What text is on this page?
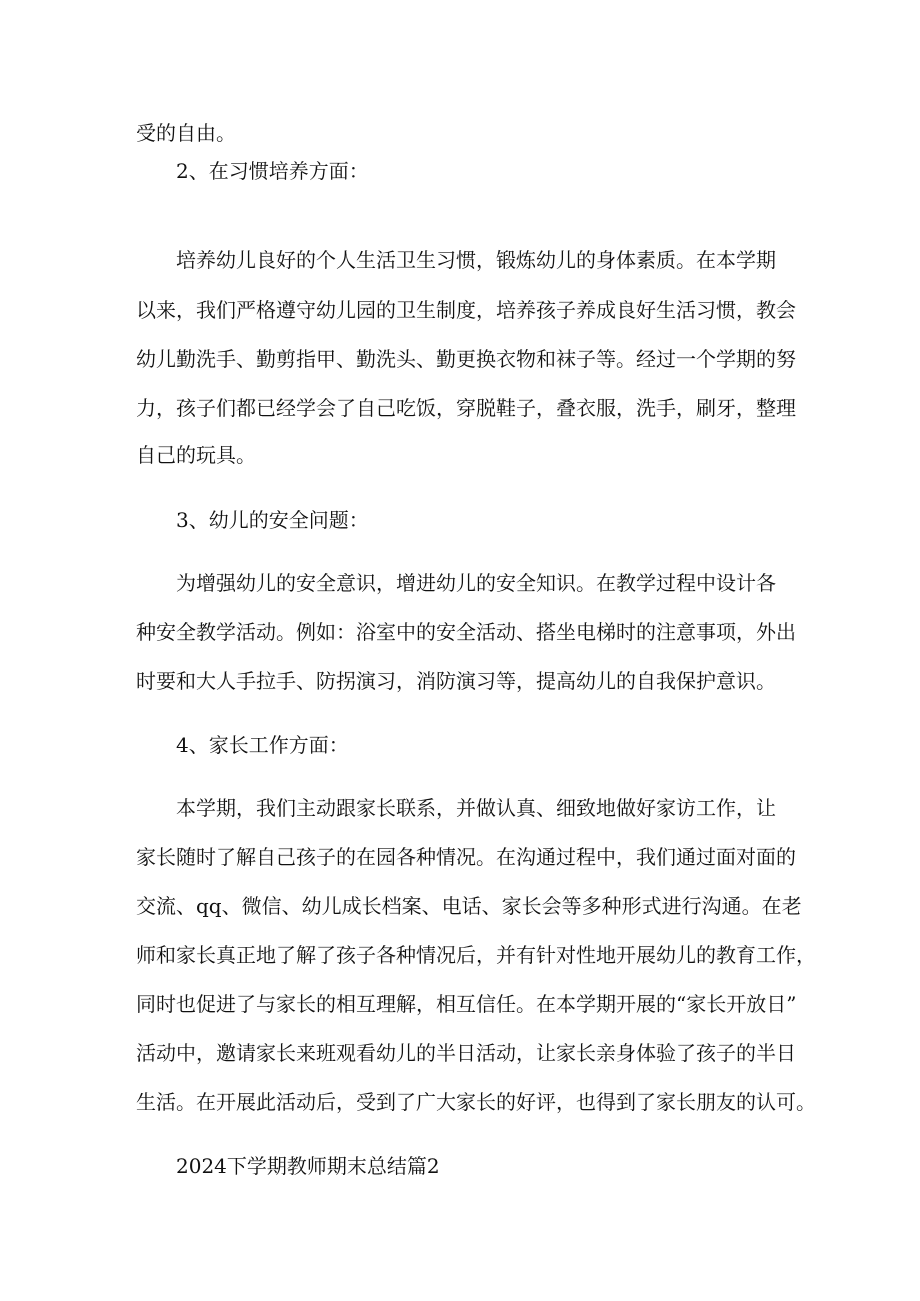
受的自由。

2、在习惯培养方面：

培养幼儿良好的个人生活卫生习惯，锻炼幼儿的身体素质。在本学期

以来，我们严格遵守幼儿园的卫生制度，培养孩子养成良好生活习惯，教会

幼儿勤洗手、勤剪指甲、勤洗头、勤更换衣物和袜子等。经过一个学期的努

力，孩子们都已经学会了自己吃饭，穿脱鞋子，叠衣服，洗手，刷牙，整理

自己的玩具。

3、幼儿的安全问题：

为增强幼儿的安全意识，增进幼儿的安全知识。在教学过程中设计各

种安全教学活动。例如：浴室中的安全活动、搭坐电梯时的注意事项，外出

时要和大人手拉手、防拐演习，消防演习等，提高幼儿的自我保护意识。

4、家长工作方面：

本学期，我们主动跟家长联系，并做认真、细致地做好家访工作，让

家长随时了解自己孩子的在园各种情况。在沟通过程中，我们通过面对面的

交流、qq、微信、幼儿成长档案、电话、家长会等多种形式进行沟通。在老

师和家长真正地了解了孩子各种情况后，并有针对性地开展幼儿的教育工作，

同时也促进了与家长的相互理解，相互信任。在本学期开展的“家长开放日”

活动中，邀请家长来班观看幼儿的半日活动，让家长亲身体验了孩子的半日

生活。在开展此活动后，受到了广大家长的好评，也得到了家长朋友的认可。

2024下学期教师期末总结篇2
